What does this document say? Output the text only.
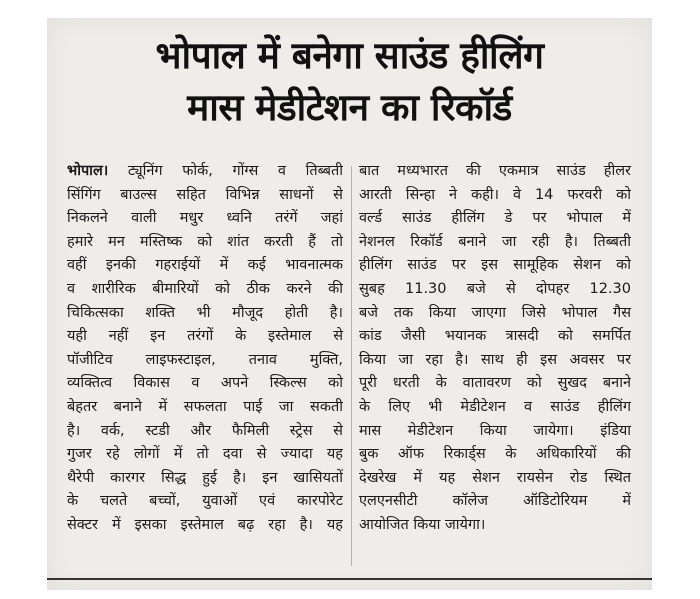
भोपाल में बनेगा साउंड हीलिंग
मास मेडीटेशन का रिकॉर्ड
भोपाल। ट्यूनिंग फोर्क, गोंग्स व तिब्बती
सिंगिंग बाउल्स सहित विभिन्न साधनों से
निकलने वाली मधुर ध्वनि तरंगें जहां
हमारे मन मस्तिष्क को शांत करती हैं तो
वहीं इनकी गहराईयों में कई भावनात्मक
व शारीरिक बीमारियों को ठीक करने की
चिकित्सका शक्ति भी मौजूद होती है।
यही नहीं इन तरंगों के इस्तेमाल से
पॉजीटिव लाइफस्टाइल, तनाव मुक्ति,
व्यक्तित्व विकास व अपने स्किल्स को
बेहतर बनाने में सफलता पाई जा सकती
है। वर्क, स्टडी और फैमिली स्ट्रेस से
गुजर रहे लोगों में तो दवा से ज्यादा यह
थैरेपी कारगर सिद्ध हुई है। इन खासियतों
के चलते बच्चों, युवाओं एवं कारपोरेट
सेक्टर में इसका इस्तेमाल बढ़ रहा है। यह
बात मध्यभारत की एकमात्र साउंड हीलर
आरती सिन्हा ने कही। वे 14 फरवरी को
वर्ल्ड साउंड हीलिंग डे पर भोपाल में
नेशनल रिकॉर्ड बनाने जा रही है। तिब्बती
हीलिंग साउंड पर इस सामूहिक सेशन को
सुबह 11.30 बजे से दोपहर 12.30
बजे तक किया जाएगा जिसे भोपाल गैस
कांड जैसी भयानक त्रासदी को समर्पित
किया जा रहा है। साथ ही इस अवसर पर
पूरी धरती के वातावरण को सुखद बनाने
के लिए भी मेडीटेशन व साउंड हीलिंग
मास मेडीटेशन किया जायेगा। इंडिया
बुक ऑफ रिकार्ड्स के अधिकारियों की
देखरेख में यह सेशन रायसेन रोड स्थित
एलएनसीटी कॉलेज ऑडिटोरियम में
आयोजित किया जायेगा।
